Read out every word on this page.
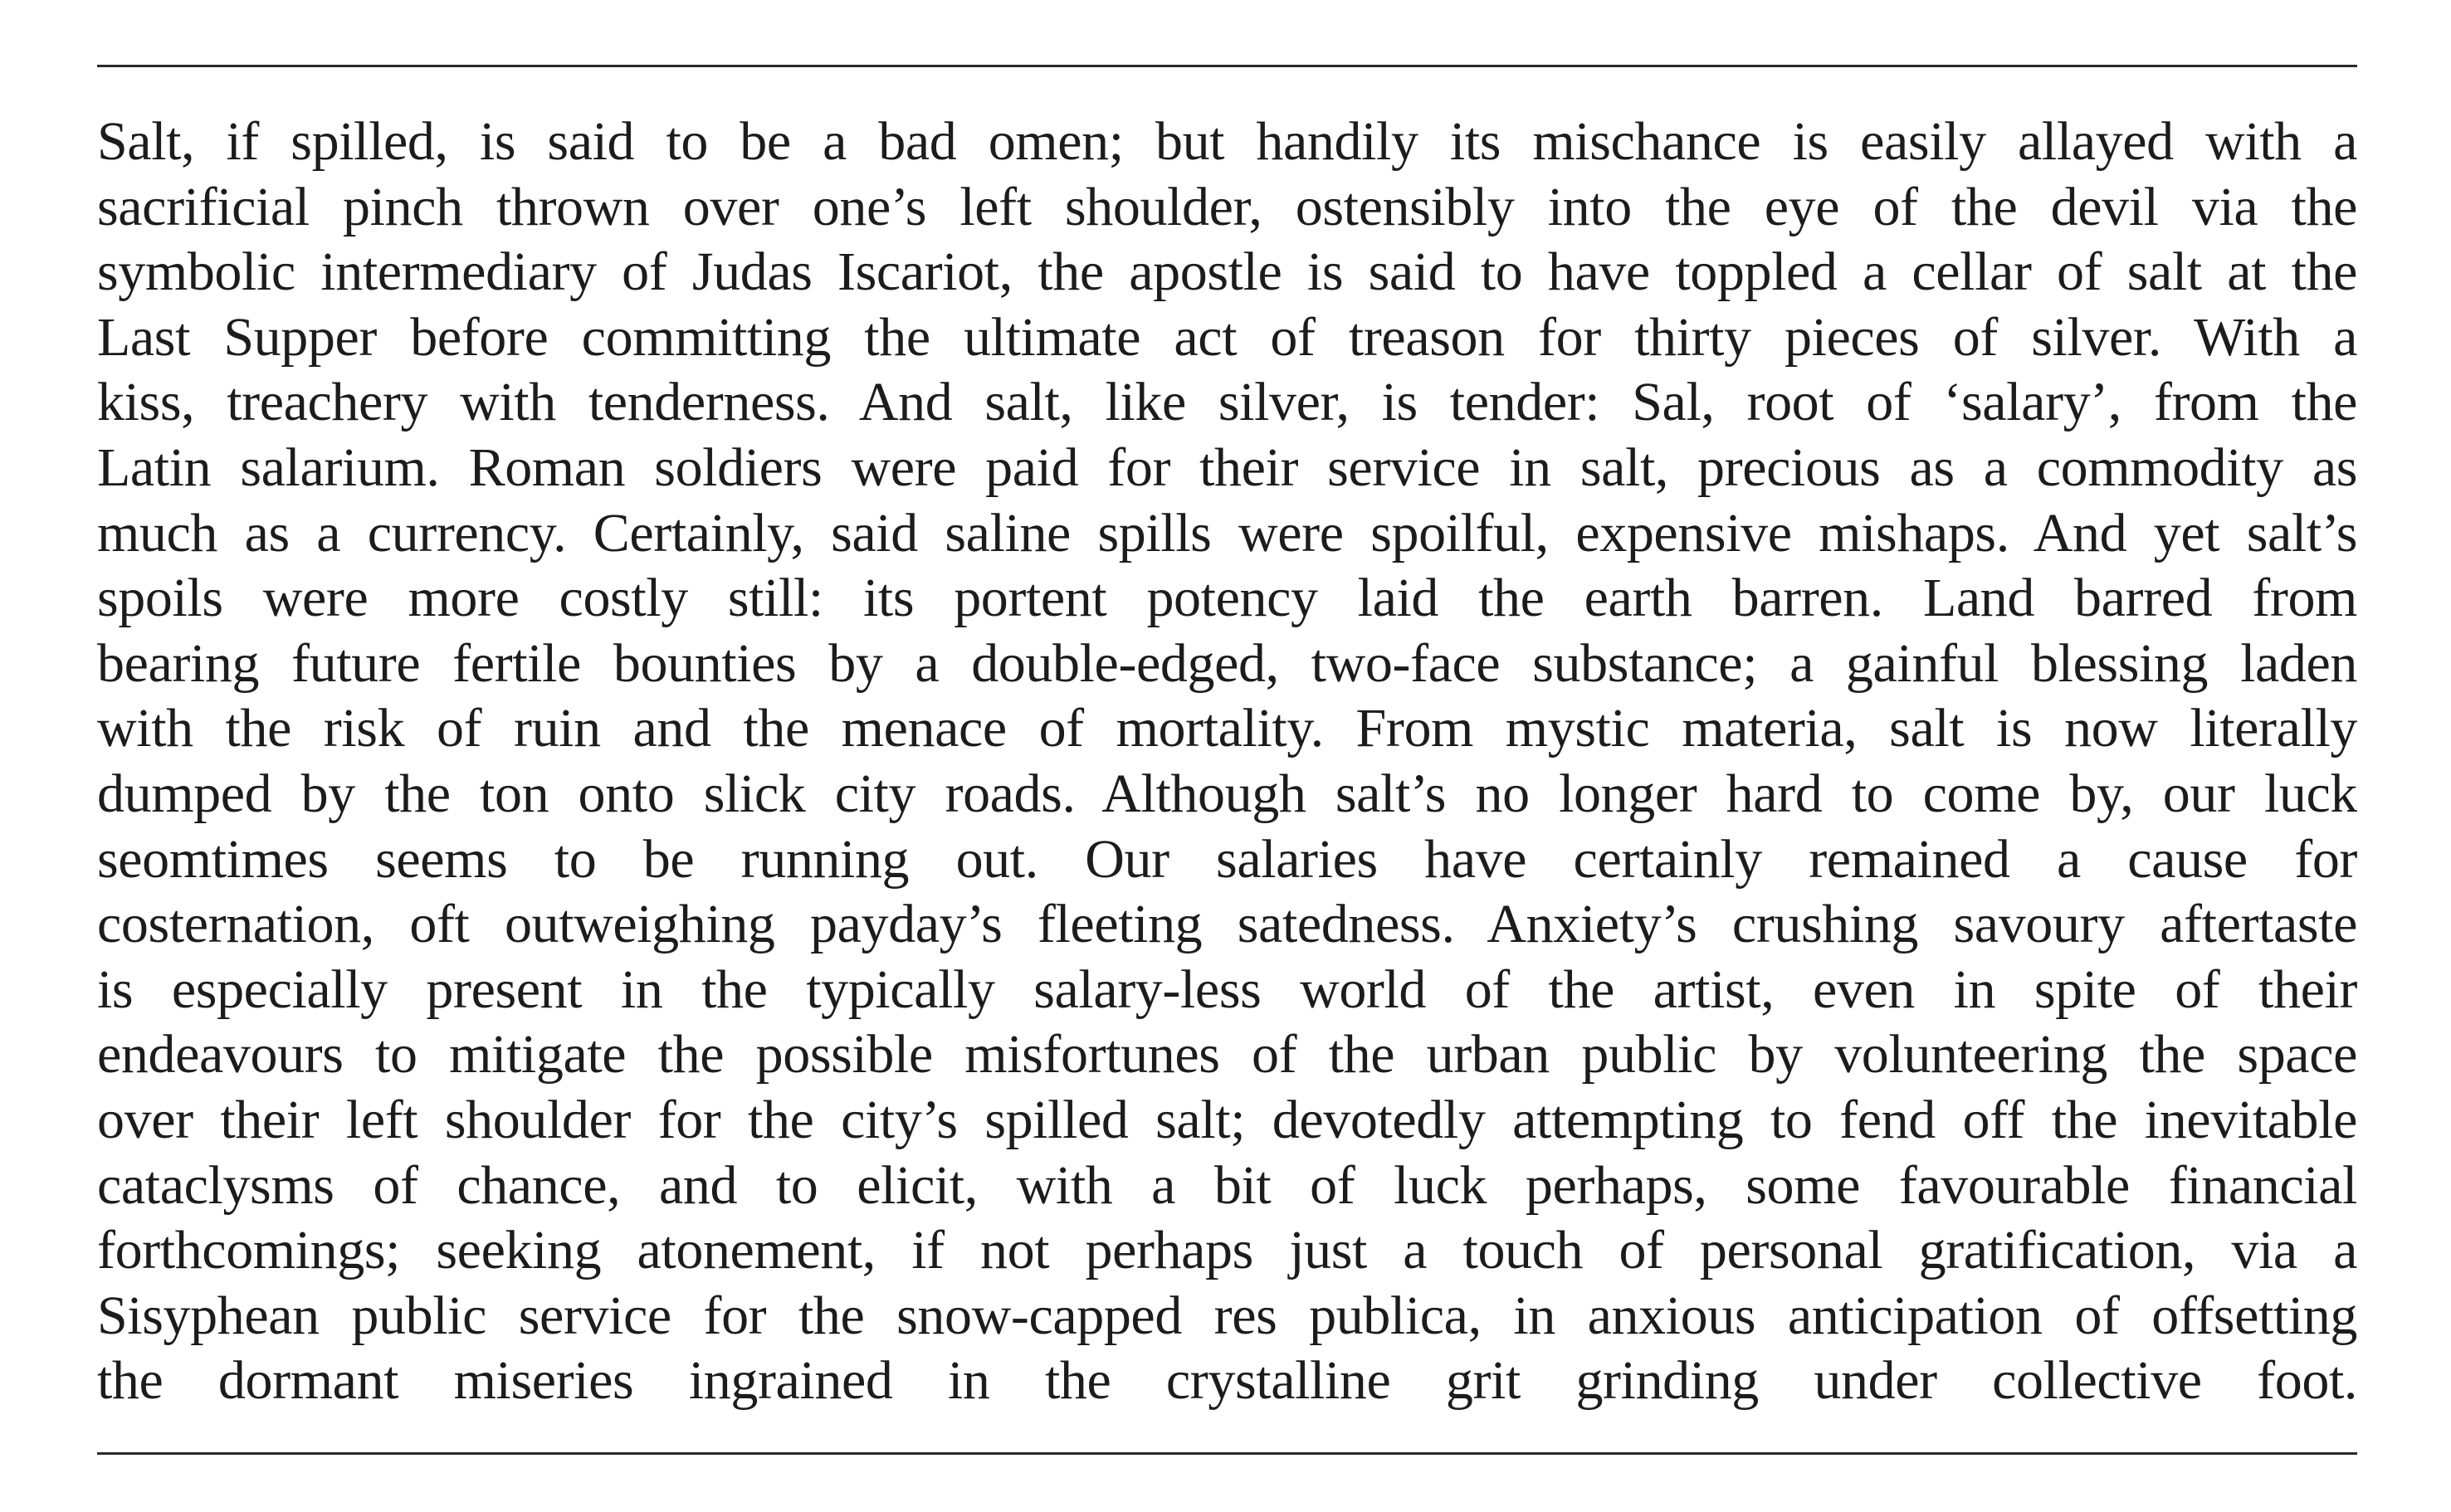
Salt, if spilled, is said to be a bad omen; but handily its mischance is easily allayed with a
sacrificial pinch thrown over one’s left shoulder, ostensibly into the eye of the devil via the
symbolic intermediary of Judas Iscariot, the apostle is said to have toppled a cellar of salt at the
Last Supper before committing the ultimate act of treason for thirty pieces of silver. With a
kiss, treachery with tenderness. And salt, like silver, is tender: Sal, root of ‘salary’, from the
Latin salarium. Roman soldiers were paid for their service in salt, precious as a commodity as
much as a currency. Certainly, said saline spills were spoilful, expensive mishaps. And yet salt’s
spoils were more costly still: its portent potency laid the earth barren. Land barred from
bearing future fertile bounties by a double-edged, two-face substance; a gainful blessing laden
with the risk of ruin and the menace of mortality. From mystic materia, salt is now literally
dumped by the ton onto slick city roads. Although salt’s no longer hard to come by, our luck
seomtimes seems to be running out. Our salaries have certainly remained a cause for
costernation, oft outweighing payday’s fleeting satedness. Anxiety’s crushing savoury aftertaste
is especially present in the typically salary-less world of the artist, even in spite of their
endeavours to mitigate the possible misfortunes of the urban public by volunteering the space
over their left shoulder for the city’s spilled salt; devotedly attempting to fend off the inevitable
cataclysms of chance, and to elicit, with a bit of luck perhaps, some favourable financial
forthcomings; seeking atonement, if not perhaps just a touch of personal gratification, via a
Sisyphean public service for the snow-capped res publica, in anxious anticipation of offsetting
the dormant miseries ingrained in the crystalline grit grinding under collective foot.
